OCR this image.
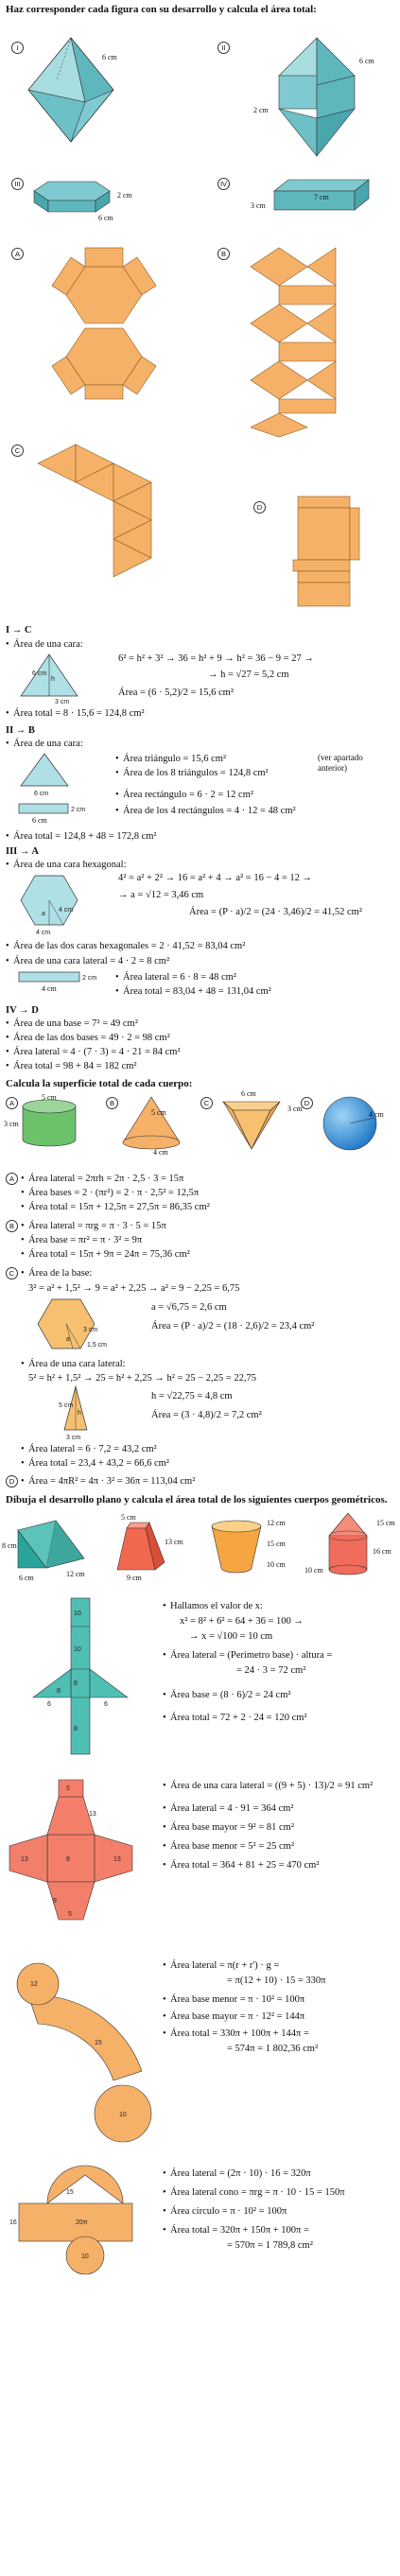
Haz corresponder cada figura con su desarrollo y calcula el área total:
I
6 cm
II
6 cm
2 cm
III
2 cm
6 cm
IV
7 cm
3 cm
A	B
C
D
I → C
• Área de una cara:
6 cm
h
3 cm
6² = h² + 3² → 36 = h² + 9 → h² = 36 − 9 = 27 →
→ h = √27 = 5,2 cm
Área = (6 · 5,2)/2 = 15,6 cm²
• Área total = 8 · 15,6 = 124,8 cm²
II → B
• Área de una cara:
6 cm
2 cm
6 cm
• Área triángulo = 15,6 cm²
• Área de los 8 triángulos = 124,8 cm²
(ver apartado anterior)
• Área rectángulo = 6 · 2 = 12 cm²
• Área de los 4 rectángulos = 4 · 12 = 48 cm²
• Área total = 124,8 + 48 = 172,8 cm²
III → A
• Área de una cara hexagonal:
a
4 cm
4 cm
4² = a² + 2² → 16 = a² + 4 → a² = 16 − 4 = 12 →
→ a = √12 = 3,46 cm
Área = (P · a)/2 = (24 · 3,46)/2 = 41,52 cm²
• Área de las dos caras hexagonales = 2 · 41,52 = 83,04 cm²
• Área de una cara lateral = 4 · 2 = 8 cm²
2 cm
4 cm
• Área lateral = 6 · 8 = 48 cm²
• Área total = 83,04 + 48 = 131,04 cm²
IV → D
• Área de una base = 7² = 49 cm²
• Área de las dos bases = 49 · 2 = 98 cm²
• Área lateral = 4 · (7 · 3) = 4 · 21 = 84 cm²
• Área total = 98 + 84 = 182 cm²
Calcula la superficie total de cada cuerpo:
A
5 cm
3 cm
B
5 cm
4 cm
C
6 cm
3 cm
D
4 cm
A	• Área lateral = 2πrh = 2π · 2,5 · 3 = 15π
• Área bases = 2 · (πr²) = 2 · π · 2,5² = 12,5π
• Área total = 15π + 12,5π = 27,5π = 86,35 cm²
B	• Área lateral = πrg = π · 3 · 5 = 15π
• Área base = πr² = π · 3² = 9π
• Área total = 15π + 9π = 24π = 75,36 cm²
C	• Área de la base:
3² = a² + 1,5² → 9 = a² + 2,25 → a² = 9 − 2,25 = 6,75
a
3 cm
1,5 cm
a = √6,75 = 2,6 cm
Área = (P · a)/2 = (18 · 2,6)/2 = 23,4 cm²
• Área de una cara lateral:
5² = h² + 1,5² → 25 = h² + 2,25 → h² = 25 − 2,25 = 22,75
5 cm
h
3 cm
h = √22,75 = 4,8 cm
Área = (3 · 4,8)/2 = 7,2 cm²
• Área lateral = 6 · 7,2 = 43,2 cm²
• Área total = 23,4 + 43,2 = 66,6 cm²
D	• Área = 4πR² = 4π · 3² = 36π = 113,04 cm²
Dibuja el desarrollo plano y calcula el área total de los siguientes cuerpos geométricos.
8 cm
6 cm	12 cm
5 cm
13 cm
9 cm
12 cm
15 cm
10 cm
15 cm
16 cm
10 cm
10
10
8
6	6
8
8
• Hallamos el valor de x:
x² = 8² + 6² = 64 + 36 = 100 →
→ x = √100 = 10 cm
• Área lateral = (Perímetro base) · altura =
= 24 · 3 = 72 cm²
• Área base = (8 · 6)/2 = 24 cm²
• Área total = 72 + 2 · 24 = 120 cm²
5
13
9	13
5
9
13
• Área de una cara lateral = ((9 + 5) · 13)/2 = 91 cm²
• Área lateral = 4 · 91 = 364 cm²
• Área base mayor = 9² = 81 cm²
• Área base menor = 5² = 25 cm²
• Área total = 364 + 81 + 25 = 470 cm²
12
15
10
• Área lateral = π(r + r') · g =
= π(12 + 10) · 15 = 330π
• Área base menor = π · 10² = 100π
• Área base mayor = π · 12² = 144π
• Área total = 330π + 100π + 144π =
= 574π = 1 802,36 cm²
15
16	20π
10
• Área lateral = (2π · 10) · 16 = 320π
• Área lateral cono = πrg = π · 10 · 15 = 150π
• Área círculo = π · 10² = 100π
• Área total = 320π + 150π + 100π =
= 570π = 1 789,8 cm²
